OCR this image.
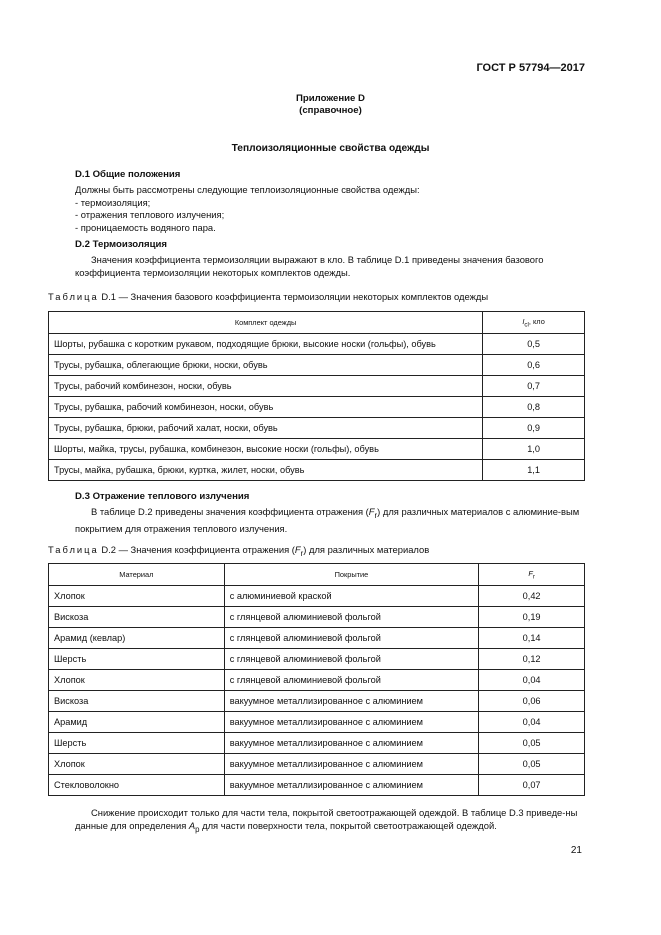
ГОСТ Р 57794—2017
Приложение D
(справочное)
Теплоизоляционные свойства одежды
D.1 Общие положения
Должны быть рассмотрены следующие теплоизоляционные свойства одежды:
- термоизоляция;
- отражения теплового излучения;
- проницаемость водяного пара.
D.2 Термоизоляция
Значения коэффициента термоизоляции выражают в кло. В таблице D.1 приведены значения базового коэффициента термоизоляции некоторых комплектов одежды.
Таблица D.1 — Значения базового коэффициента термоизоляции некоторых комплектов одежды
Комплект одежды	$I_{cl}$, кло
Шорты, рубашка с коротким рукавом, подходящие брюки, высокие носки (гольфы), обувь	0,5
Трусы, рубашка, облегающие брюки, носки, обувь	0,6
Трусы, рабочий комбинезон, носки, обувь	0,7
Трусы, рубашка, рабочий комбинезон, носки, обувь	0,8
Трусы, рубашка, брюки, рабочий халат, носки, обувь	0,9
Шорты, майка, трусы, рубашка, комбинезон, высокие носки (гольфы), обувь	1,0
Трусы, майка, рубашка, брюки, куртка, жилет, носки, обувь	1,1
D.3 Отражение теплового излучения
В таблице D.2 приведены значения коэффициента отражения $(F_r)$ для различных материалов с алюминие-вым покрытием для отражения теплового излучения.
Таблица D.2 — Значения коэффициента отражения $(F_r)$ для различных материалов
Материал	Покрытие	$F_r$
Хлопок	с алюминиевой краской	0,42
Вискоза	с глянцевой алюминиевой фольгой	0,19
Арамид (кевлар)	с глянцевой алюминиевой фольгой	0,14
Шерсть	с глянцевой алюминиевой фольгой	0,12
Хлопок	с глянцевой алюминиевой фольгой	0,04
Вискоза	вакуумное металлизированное с алюминием	0,06
Арамид	вакуумное металлизированное с алюминием	0,04
Шерсть	вакуумное металлизированное с алюминием	0,05
Хлопок	вакуумное металлизированное с алюминием	0,05
Стекловолокно	вакуумное металлизированное с алюминием	0,07
Снижение происходит только для части тела, покрытой светоотражающей одеждой. В таблице D.3 приведе-ны данные для определения $A_p$ для части поверхности тела, покрытой светоотражающей одеждой.
21
